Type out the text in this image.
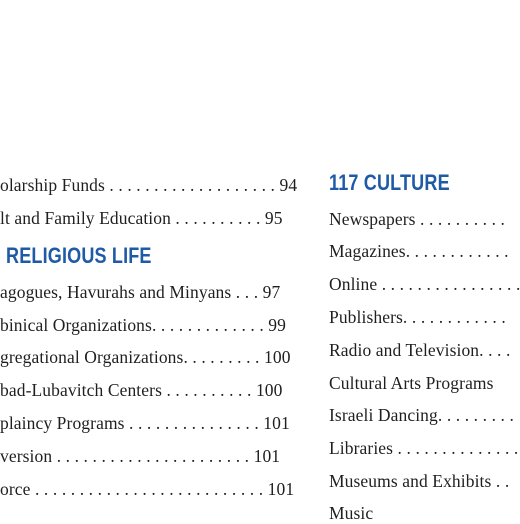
olarship Funds . . . . . . . . . . . . . . . . . . . 94
lt and Family Education . . . . . . . . . . 95
RELIGIOUS LIFE
agogues, Havurahs and Minyans . . . 97
binical Organizations. . . . . . . . . . . . . 99
gregational Organizations. . . . . . . . . 100
bad-Lubavitch Centers . . . . . . . . . . 100
plaincy Programs . . . . . . . . . . . . . . . 101
version . . . . . . . . . . . . . . . . . . . . . . 101
orce . . . . . . . . . . . . . . . . . . . . . . . . . . 101
117 CULTURE
Newspapers . . . . . . . . . .
Magazines. . . . . . . . . . . .
Online . . . . . . . . . . . . . . . .
Publishers. . . . . . . . . . . .
Radio and Television. . . .
Cultural Arts Programs
Israeli Dancing. . . . . . . . .
Libraries . . . . . . . . . . . . . .
Museums and Exhibits . .
Music
